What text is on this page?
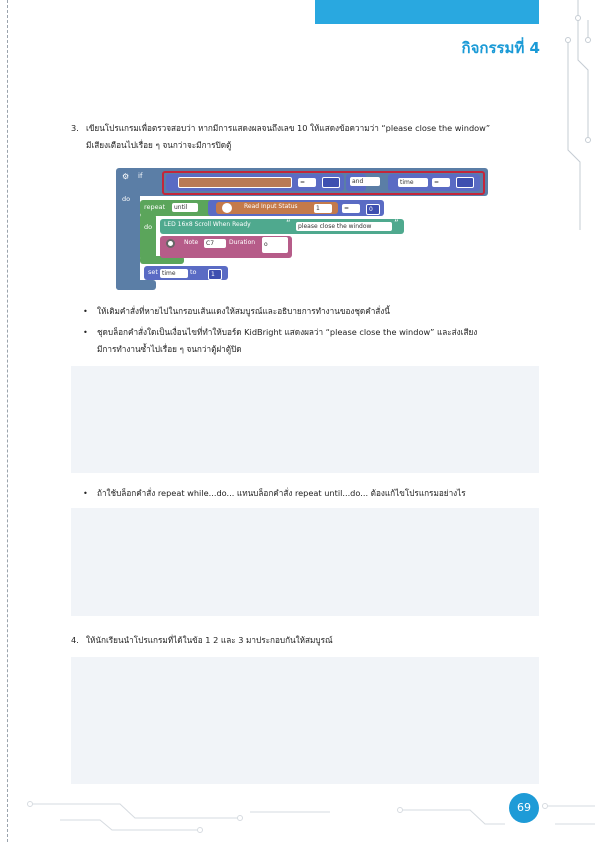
กิจกรรมที่ 4
3. เขียนโปรแกรมเพื่อตรวจสอบว่า หากมีการแสดงผลจนถึงเลข 10 ให้แสดงข้อความว่า “please close the window”
มีเสียงเตือนไปเรื่อย ๆ จนกว่าจะมีการปิดตู้
⚙ if
do
=	and	time	=
repeat	until
do
Read Input Status	1	=	0
LED 16x8 Scroll When Ready	“	please close the window	”
Note	C7	Duration	o
set time	to	1
• ให้เติมคำสั่งที่หายไปในกรอบเส้นแดงให้สมบูรณ์และอธิบายการทำงานของชุดคำสั่งนี้
• ชุดบล็อกคำสั่งใดเป็นเงื่อนไขที่ทำให้บอร์ด KidBright แสดงผลว่า “please close the window” และส่งเสียง
มีการทำงานซ้ำไปเรื่อย ๆ จนกว่าตู้ฝาตู้ปิด
• ถ้าใช้บล็อกคำสั่ง repeat while...do... แทนบล็อกคำสั่ง repeat until...do... ต้องแก้ไขโปรแกรมอย่างไร
4. ให้นักเรียนนำโปรแกรมที่ได้ในข้อ 1 2 และ 3 มาประกอบกันให้สมบูรณ์
69
